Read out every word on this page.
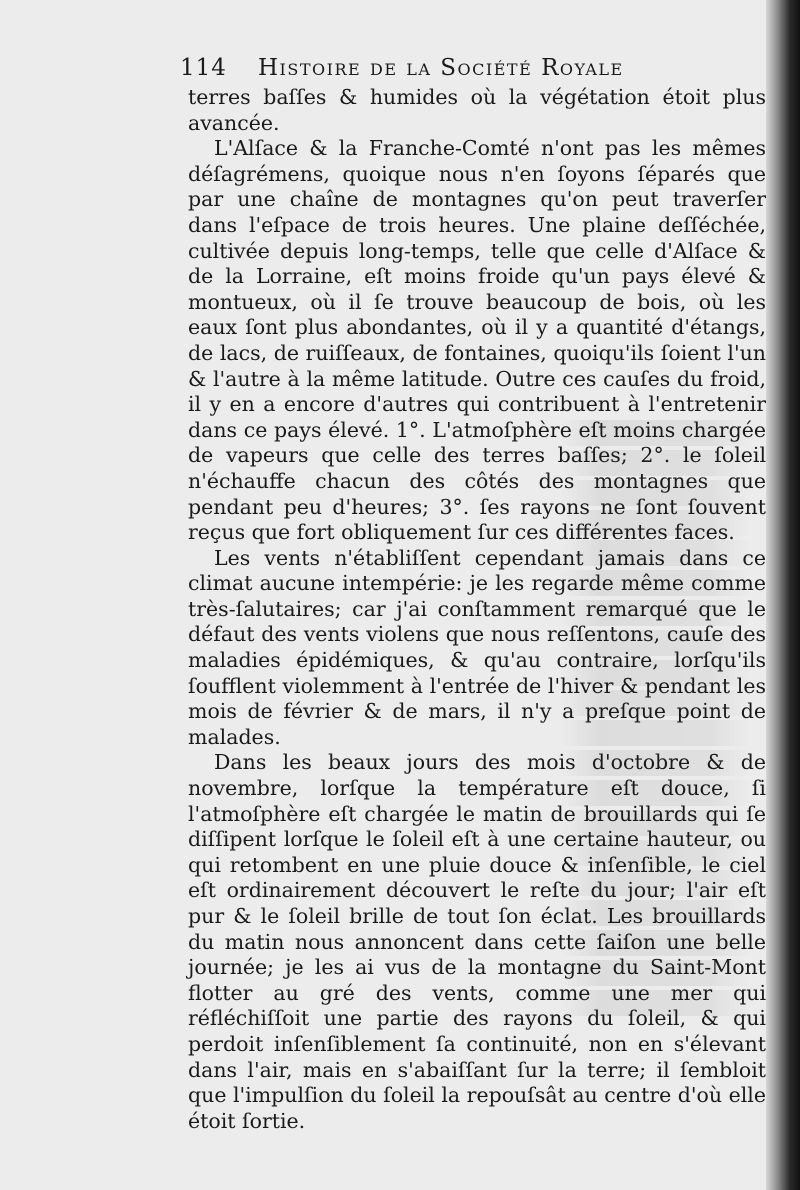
114 Histoire de la Société Royale

terres baſſes & humides où la végétation étoit plus avancée.

L'Alſace & la Franche-Comté n'ont pas les mêmes déſagrémens, quoique nous n'en ſoyons ſéparés que par une chaîne de montagnes qu'on peut traverſer dans l'eſpace de trois heures. Une plaine deſſéchée, cultivée depuis long-temps, telle que celle d'Alſace & de la Lorraine, eſt moins froide qu'un pays élevé & montueux, où il ſe trouve beaucoup de bois, où les eaux ſont plus abondantes, où il y a quantité d'étangs, de lacs, de ruiſſeaux, de fontaines, quoiqu'ils ſoient l'un & l'autre à la même latitude. Outre ces cauſes du froid, il y en a encore d'autres qui contribuent à l'entretenir dans ce pays élevé. 1°. L'atmoſphère eſt moins chargée de vapeurs que celle des terres baſſes; 2°. le ſoleil n'échauffe chacun des côtés des montagnes que pendant peu d'heures; 3°. ſes rayons ne ſont ſouvent reçus que fort obliquement ſur ces différentes faces.

Les vents n'établiſſent cependant jamais dans ce climat aucune intempérie: je les regarde même comme très-ſalutaires; car j'ai conſtamment remarqué que le défaut des vents violens que nous reſſentons, cauſe des maladies épidémiques, & qu'au contraire, lorſqu'ils ſoufflent violemment à l'entrée de l'hiver & pendant les mois de février & de mars, il n'y a preſque point de malades.

Dans les beaux jours des mois d'octobre & de novembre, lorſque la température eſt douce, ſi l'atmoſphère eſt chargée le matin de brouillards qui ſe diſſipent lorſque le ſoleil eſt à une certaine hauteur, ou qui retombent en une pluie douce & inſenſible, le ciel eſt ordinairement découvert le reſte du jour; l'air eſt pur & le ſoleil brille de tout ſon éclat. Les brouillards du matin nous annoncent dans cette ſaiſon une belle journée; je les ai vus de la montagne du Saint-Mont flotter au gré des vents, comme une mer qui réfléchiſſoit une partie des rayons du ſoleil, & qui perdoit inſenſiblement ſa continuité, non en s'élevant dans l'air, mais en s'abaiſſant ſur la terre; il ſembloit que l'impulſion du ſoleil la repouſsât au centre d'où elle étoit ſortie.
